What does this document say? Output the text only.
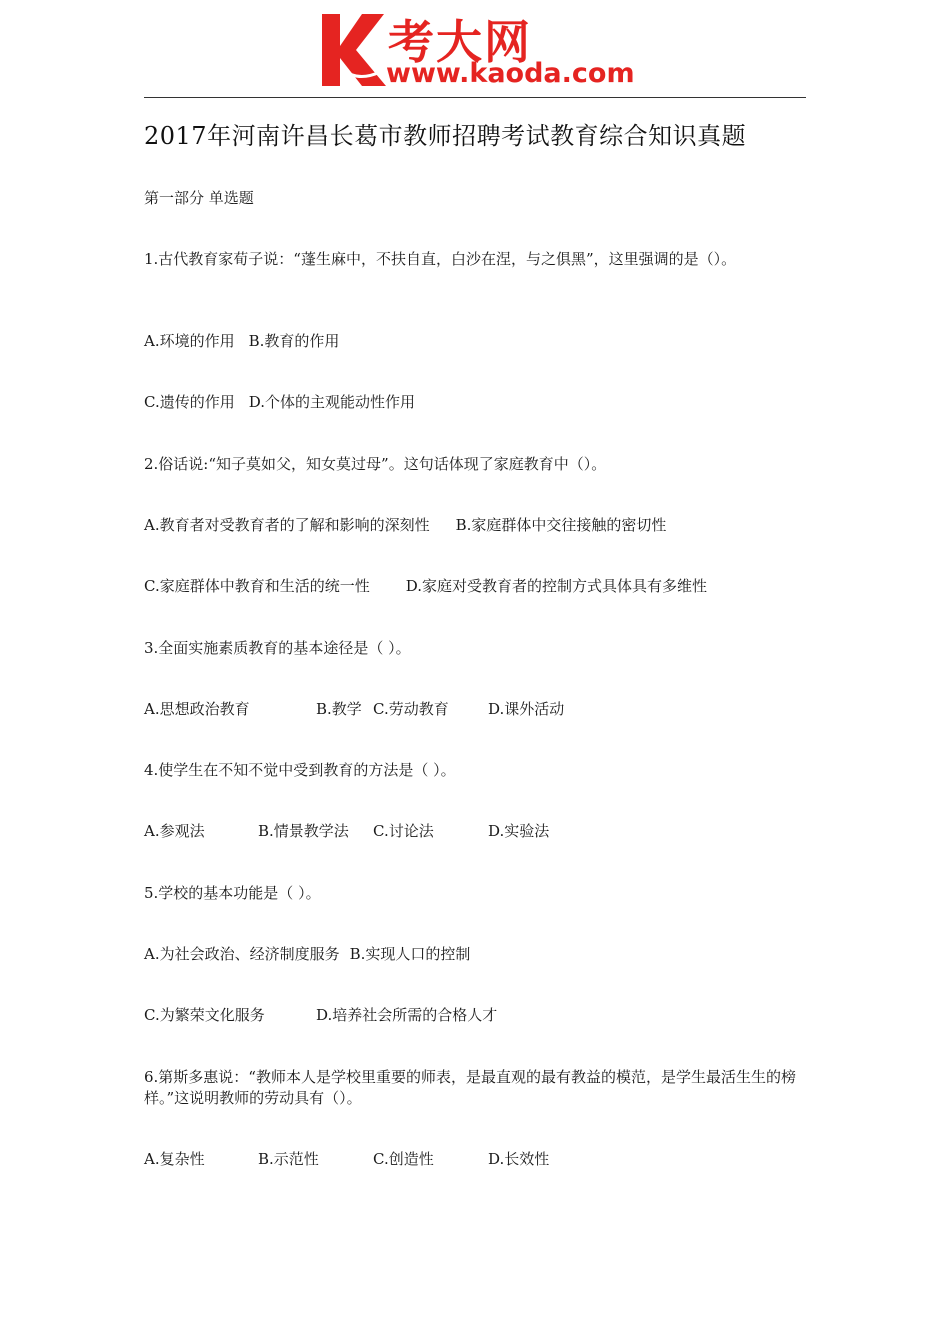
考大网
www.kaoda.com
2017年河南许昌长葛市教师招聘考试教育综合知识真题
第一部分 单选题
1.古代教育家荀子说：“蓬生麻中，不扶自直，白沙在涅，与之俱黑”，这里强调的是（）。
A.环境的作用 B.教育的作用
C.遗传的作用 D.个体的主观能动性作用
2.俗话说:“知子莫如父，知女莫过母”。这句话体现了家庭教育中（）。
A.教育者对受教育者的了解和影响的深刻性 B.家庭群体中交往接触的密切性
C.家庭群体中教育和生活的统一性 D.家庭对受教育者的控制方式具体具有多维性
3.全面实施素质教育的基本途径是（ ）。
A.思想政治教育	B.教学 C.劳动教育	D.课外活动
4.使学生在不知不觉中受到教育的方法是（ ）。
A.参观法	B.情景教学法 C.讨论法	D.实验法
5.学校的基本功能是（ ）。
A.为社会政治、经济制度服务 B.实现人口的控制
C.为繁荣文化服务	D.培养社会所需的合格人才
6.第斯多惠说：“教师本人是学校里重要的师表，是最直观的最有教益的模范，是学生最活生生的榜样。”这说明教师的劳动具有（）。
A.复杂性	B.示范性	C.创造性	D.长效性
